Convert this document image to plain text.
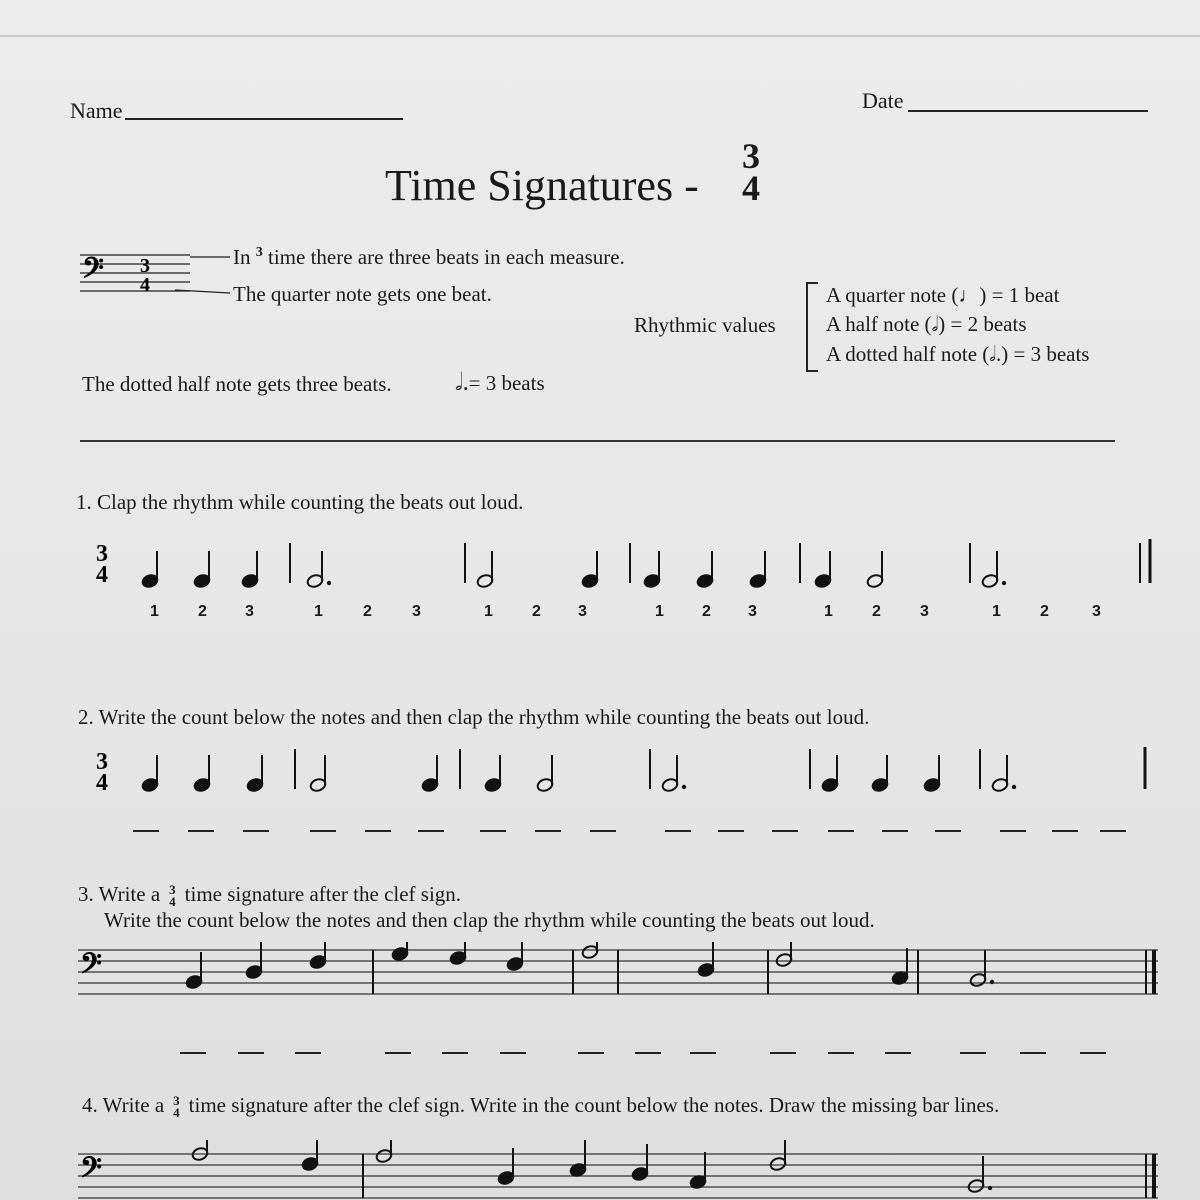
Name	Date
Time Signatures -
3
4
𝄢 3
4
In $^3$ time there are three beats in each measure.
The quarter note gets one beat.
Rhythmic values
A quarter note (♩) = 1 beat
A half note (𝅗𝅥) = 2 beats
A dotted half note (𝅗𝅥.) = 3 beats
The dotted half note gets three beats.	𝅗𝅥.= 3 beats
1. Clap the rhythm while counting the beats out loud.
3
4
1 2 3	1	2	3	1 2 3	1 2 3	1 2 3	1 2	3
2. Write the count below the notes and then clap the rhythm while counting the beats out loud.
3
4
3. Write a 3
4 time signature after the clef sign.
Write the count below the notes and then clap the rhythm while counting the beats out loud.
𝄢
4. Write a 3
4 time signature after the clef sign. Write in the count below the notes. Draw the missing bar lines.
𝄢
